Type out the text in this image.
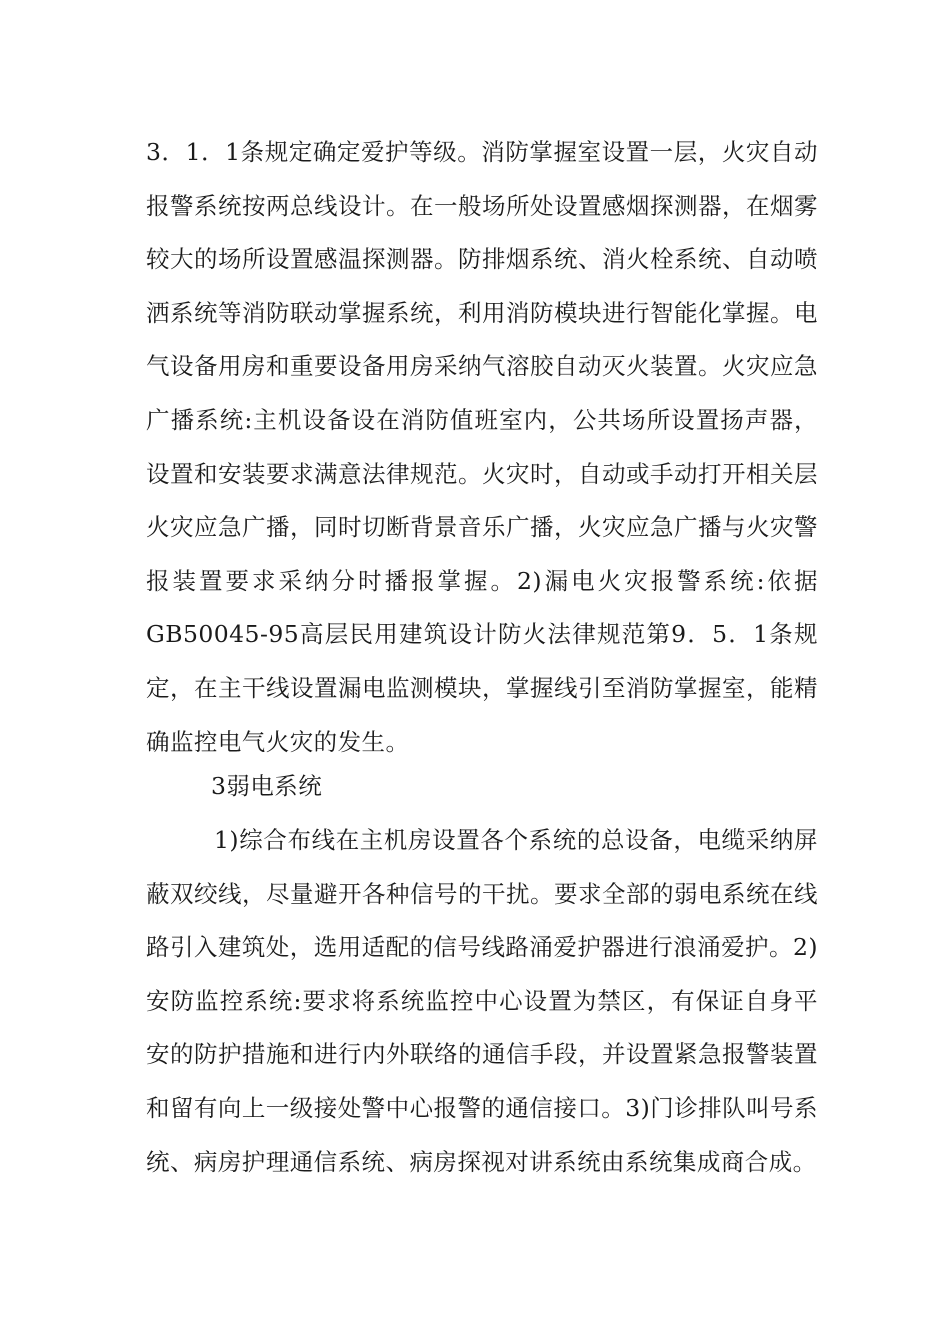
3．1．1条规定确定爱护等级。消防掌握室设置一层，火灾自动报警系统按两总线设计。在一般场所处设置感烟探测器，在烟雾较大的场所设置感温探测器。防排烟系统、消火栓系统、自动喷洒系统等消防联动掌握系统，利用消防模块进行智能化掌握。电气设备用房和重要设备用房采纳气溶胶自动灭火装置。火灾应急广播系统:主机设备设在消防值班室内，公共场所设置扬声器，设置和安装要求满意法律规范。火灾时，自动或手动打开相关层火灾应急广播，同时切断背景音乐广播，火灾应急广播与火灾警报装置要求采纳分时播报掌握。2)漏电火灾报警系统:依据GB50045-95高层民用建筑设计防火法律规范第9．5．1条规定，在主干线设置漏电监测模块，掌握线引至消防掌握室，能精确监控电气火灾的发生。

3弱电系统

1)综合布线在主机房设置各个系统的总设备，电缆采纳屏蔽双绞线，尽量避开各种信号的干扰。要求全部的弱电系统在线路引入建筑处，选用适配的信号线路涌爱护器进行浪涌爱护。2)安防监控系统:要求将系统监控中心设置为禁区，有保证自身平安的防护措施和进行内外联络的通信手段，并设置紧急报警装置和留有向上一级接处警中心报警的通信接口。3)门诊排队叫号系统、病房护理通信系统、病房探视对讲系统由系统集成商合成。
